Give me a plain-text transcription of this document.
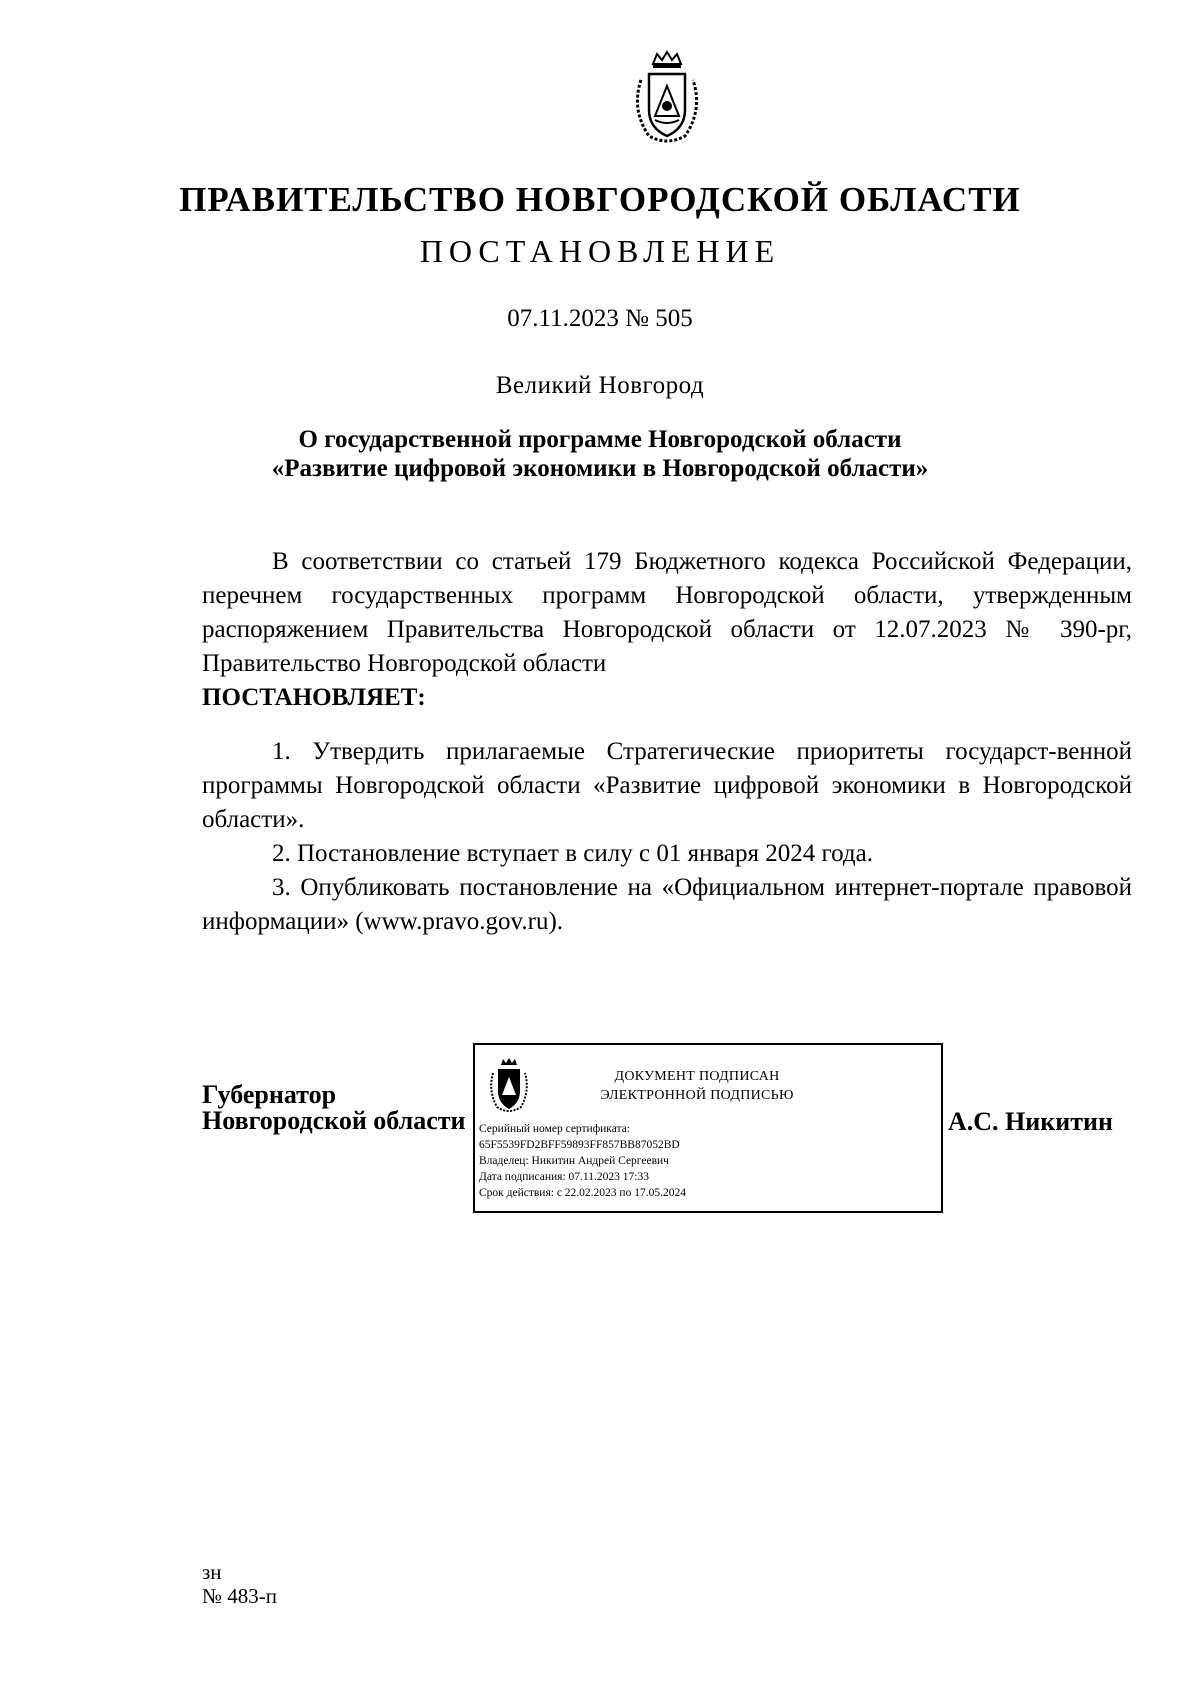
ПРАВИТЕЛЬСТВО НОВГОРОДСКОЙ ОБЛАСТИ
ПОСТАНОВЛЕНИЕ
07.11.2023 № 505
Великий Новгород
О государственной программе Новгородской области
«Развитие цифровой экономики в Новгородской области»

В соответствии со статьей 179 Бюджетного кодекса Российской Федерации, перечнем государственных программ Новгородской области, утвержденным распоряжением Правительства Новгородской области от 12.07.2023 № 390-рг, Правительство Новгородской области

ПОСТАНОВЛЯЕТ:

1. Утвердить прилагаемые Стратегические приоритеты государст-венной программы Новгородской области «Развитие цифровой экономики в Новгородской области».

2. Постановление вступает в силу с 01 января 2024 года.

3. Опубликовать постановление на «Официальном интернет-портале правовой информации» (www.pravo.gov.ru).

Губернатор
Новгородской области
ДОКУМЕНТ ПОДПИСАН
ЭЛЕКТРОННОЙ ПОДПИСЬЮ
Серийный номер сертификата:
65F5539FD2BFF59893FF857BB87052BD
Владелец: Никитин Андрей Сергеевич
Дата подписания: 07.11.2023 17:33
Срок действия: с 22.02.2023 по 17.05.2024
А.С. Никитин
зн
№ 483-п
